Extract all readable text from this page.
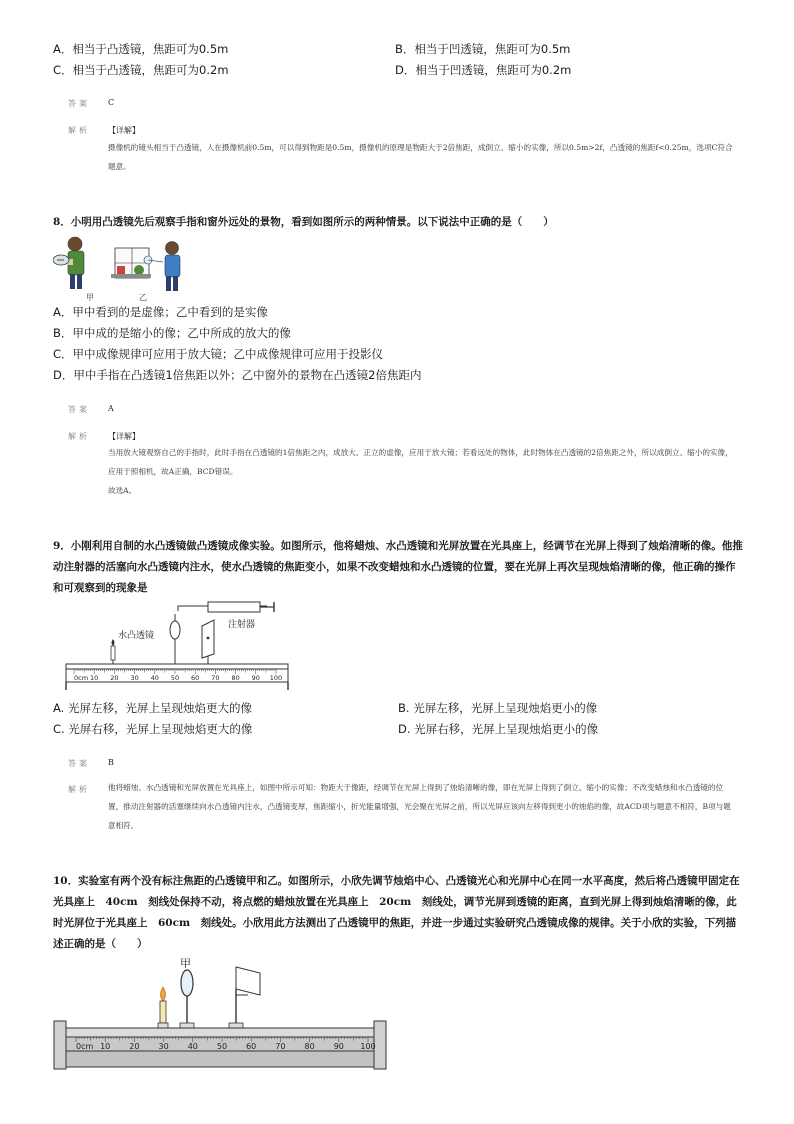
A．相当于凸透镜，焦距可为0.5m	B．相当于凹透镜，焦距可为0.5m
C．相当于凸透镜，焦距可为0.2m	D．相当于凹透镜，焦距可为0.2m
答案 C
解析 【详解】
摄像机的镜头相当于凸透镜，人在摄像机前0.5m，可以得到物距是0.5m，摄像机的原理是物距大于2倍焦距，成倒立、缩小的实像，所以0.5m>2f，凸透镜的焦距f<0.25m，选项C符合题意。
8．小明用凸透镜先后观察手指和窗外远处的景物，看到如图所示的两种情景。以下说法中正确的是（　　）
甲	乙
A．甲中看到的是虚像；乙中看到的是实像
B．甲中成的是缩小的像；乙中所成的放大的像
C．甲中成像规律可应用于放大镜；乙中成像规律可应用于投影仪
D．甲中手指在凸透镜1倍焦距以外；乙中窗外的景物在凸透镜2倍焦距内
答案 A
解析 【详解】
当用放大镜观察自己的手指时，此时手指在凸透镜的1倍焦距之内，成放大、正立的虚像，应用于放大镜；若看远处的物体，此时物体在凸透镜的2倍焦距之外，所以成倒立、缩小的实像，应用于照相机，故A正确，BCD错误。
故选A。
9．小刚利用自制的水凸透镜做凸透镜成像实验。如图所示，他将蜡烛、水凸透镜和光屏放置在光具座上，经调节在光屏上得到了烛焰清晰的像。他推动注射器的活塞向水凸透镜内注水，使水凸透镜的焦距变小，如果不改变蜡烛和水凸透镜的位置，要在光屏上再次呈现烛焰清晰的像，他正确的操作和可观察到的现象是
注射器
水凸透镜
0cm 10 20 30 40 50 60 70 80 90 100
A. 光屏左移，光屏上呈现烛焰更大的像	B. 光屏左移，光屏上呈现烛焰更小的像
C. 光屏右移，光屏上呈现烛焰更大的像	D. 光屏右移，光屏上呈现烛焰更小的像
答案 B
解析 他将蜡烛、水凸透镜和光屏放置在光具座上，如图中所示可知：物距大于像距，经调节在光屏上得到了烛焰清晰的像，即在光屏上得到了倒立、缩小的实像；不改变蜡烛和水凸透镜的位置，推动注射器的活塞继续向水凸透镜内注水，凸透镜变厚，焦距缩小，折光能量增强，光会聚在光屏之前，所以光屏应该向左移得到更小的烛焰的像，故ACD项与题意不相符，B项与题意相符。
10．实验室有两个没有标注焦距的凸透镜甲和乙。如图所示，小欣先调节烛焰中心、凸透镜光心和光屏中心在同一水平高度，然后将凸透镜甲固定在光具座上　40cm　刻线处保持不动，将点燃的蜡烛放置在光具座上　20cm　刻线处，调节光屏到透镜的距离，直到光屏上得到烛焰清晰的像，此时光屏位于光具座上　60cm　刻线处。小欣用此方法测出了凸透镜甲的焦距，并进一步通过实验研究凸透镜成像的规律。关于小欣的实验，下列描述正确的是（　　）
甲
0cm 10 20 30 40 50 60 70 80 90 100
